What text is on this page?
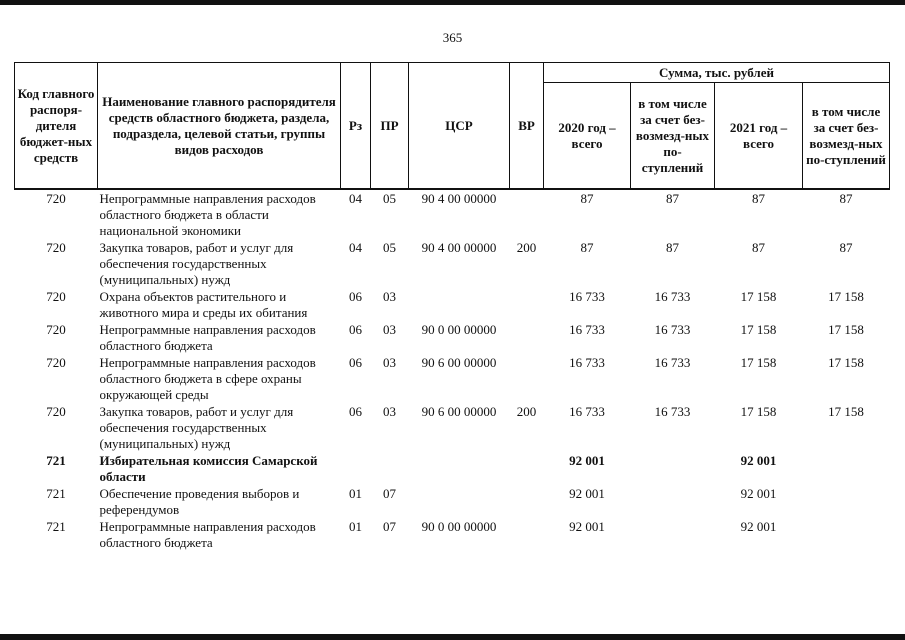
365
Код главного распоря-дителя бюджет-ных средств	Наименование главного распорядителя средств областного бюджета, раздела, подраздела, целевой статьи, группы видов расходов	Рз	ПР	ЦСР	ВР	Сумма, тыс. рублей			
						2020 год – всего	в том числе за счет без-возмезд-ных по-ступлений	2021 год – всего	в том числе за счет без-возмезд-ных по-ступлений
720	Непрограммные направления расходов областного бюджета в области национальной экономики	04	05	90 4 00 00000		87	87	87	87
720	Закупка товаров, работ и услуг для обеспечения государственных (муниципальных) нужд	04	05	90 4 00 00000	200	87	87	87	87
720	Охрана объектов растительного и животного мира и среды их обитания	06	03			16 733	16 733	17 158	17 158
720	Непрограммные направления расходов областного бюджета	06	03	90 0 00 00000		16 733	16 733	17 158	17 158
720	Непрограммные направления расходов областного бюджета в сфере охраны окружающей среды	06	03	90 6 00 00000		16 733	16 733	17 158	17 158
720	Закупка товаров, работ и услуг для обеспечения государственных (муниципальных) нужд	06	03	90 6 00 00000	200	16 733	16 733	17 158	17 158
721	Избирательная комиссия Самарской области					92 001		92 001	
721	Обеспечение проведения выборов и референдумов	01	07			92 001		92 001	
721	Непрограммные направления расходов областного бюджета	01	07	90 0 00 00000		92 001		92 001	
